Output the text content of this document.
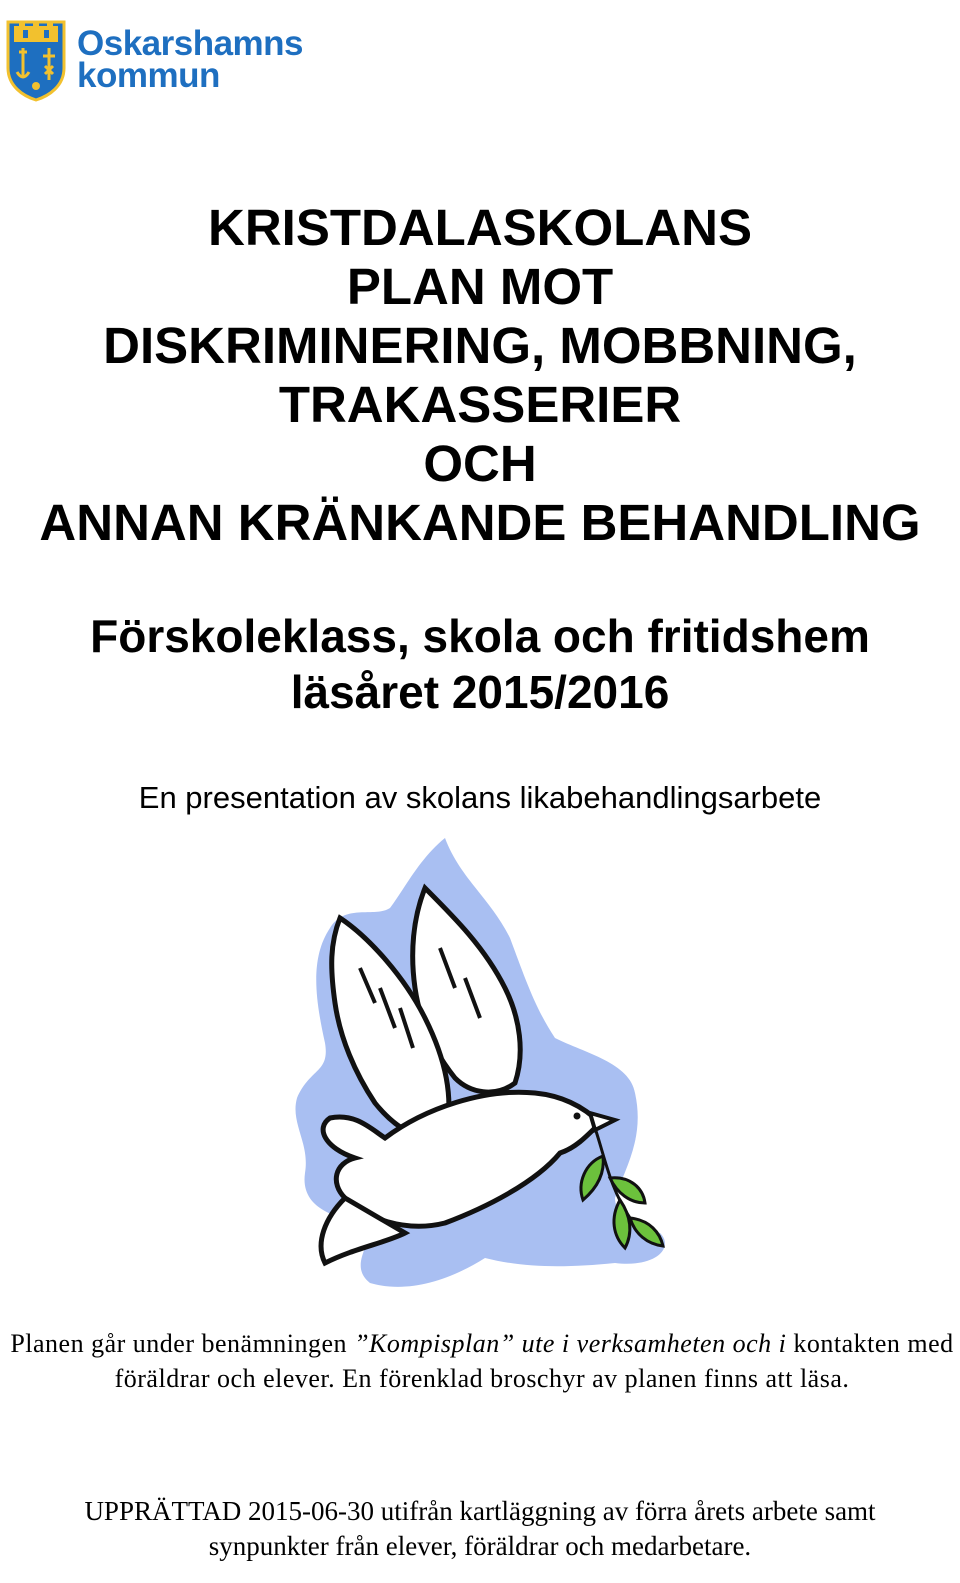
Oskarshamns
kommun
KRISTDALASKOLANS
PLAN MOT
DISKRIMINERING, MOBBNING,
TRAKASSERIER
OCH
ANNAN KRÄNKANDE BEHANDLING
Förskoleklass, skola och fritidshem
läsåret 2015/2016
En presentation av skolans likabehandlingsarbete
Planen går under benämningen ”Kompisplan” ute i verksamheten och i kontakten med föräldrar och elever. En förenklad broschyr av planen finns att läsa.
UPPRÄTTAD 2015-06-30 utifrån kartläggning av förra årets arbete samt
synpunkter från elever, föräldrar och medarbetare.
